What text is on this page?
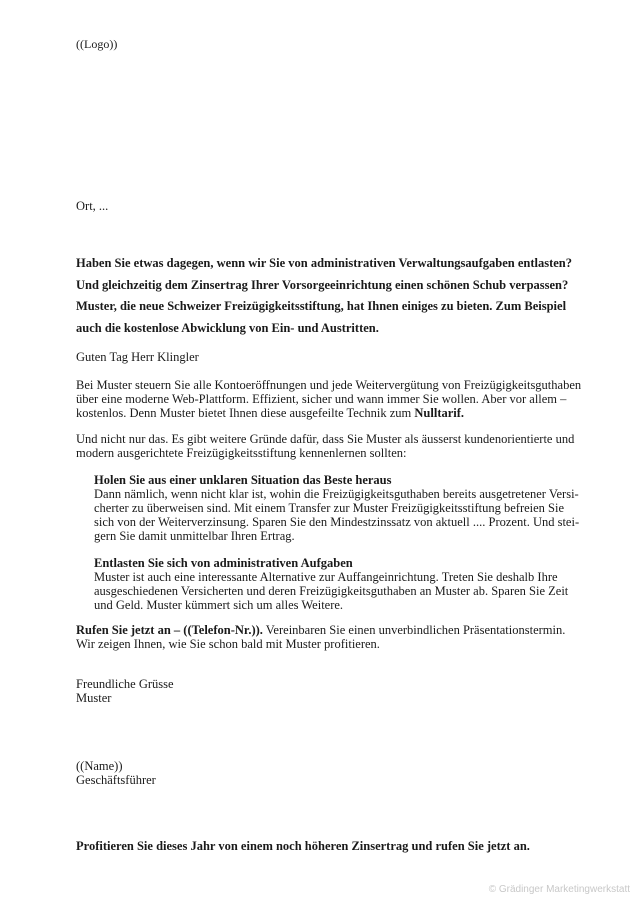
((Logo))
Ort, ...

Haben Sie etwas dagegen, wenn wir Sie von administrativen Verwaltungsaufgaben entlasten?

Und gleichzeitig dem Zinsertrag Ihrer Vorsorgeeinrichtung einen schönen Schub verpassen?

Muster, die neue Schweizer Freizügigkeitsstiftung, hat Ihnen einiges zu bieten. Zum Beispiel

auch die kostenlose Abwicklung von Ein- und Austritten.

Guten Tag Herr Klingler

Bei Muster steuern Sie alle Kontoeröffnungen und jede Weitervergütung von Freizügigkeitsguthaben

über eine moderne Web-Plattform. Effizient, sicher und wann immer Sie wollen. Aber vor allem –

kostenlos. Denn Muster bietet Ihnen diese ausgefeilte Technik zum Nulltarif.

Und nicht nur das. Es gibt weitere Gründe dafür, dass Sie Muster als äusserst kundenorientierte und

modern ausgerichtete Freizügigkeitsstiftung kennenlernen sollten:

Holen Sie aus einer unklaren Situation das Beste heraus

Dann nämlich, wenn nicht klar ist, wohin die Freizügigkeitsguthaben bereits ausgetretener Versi-

cherter zu überweisen sind. Mit einem Transfer zur Muster Freizügigkeitsstiftung befreien Sie

sich von der Weiterverzinsung. Sparen Sie den Mindestzinssatz von aktuell .... Prozent. Und stei-

gern Sie damit unmittelbar Ihren Ertrag.

Entlasten Sie sich von administrativen Aufgaben

Muster ist auch eine interessante Alternative zur Auffangeinrichtung. Treten Sie deshalb Ihre

ausgeschiedenen Versicherten und deren Freizügigkeitsguthaben an Muster ab. Sparen Sie Zeit

und Geld. Muster kümmert sich um alles Weitere.

Rufen Sie jetzt an – ((Telefon-Nr.)). Vereinbaren Sie einen unverbindlichen Präsentationstermin.

Wir zeigen Ihnen, wie Sie schon bald mit Muster profitieren.

Freundliche Grüsse

Muster

((Name))

Geschäftsführer

Profitieren Sie dieses Jahr von einem noch höheren Zinsertrag und rufen Sie jetzt an.
© Grädinger Marketingwerkstatt
